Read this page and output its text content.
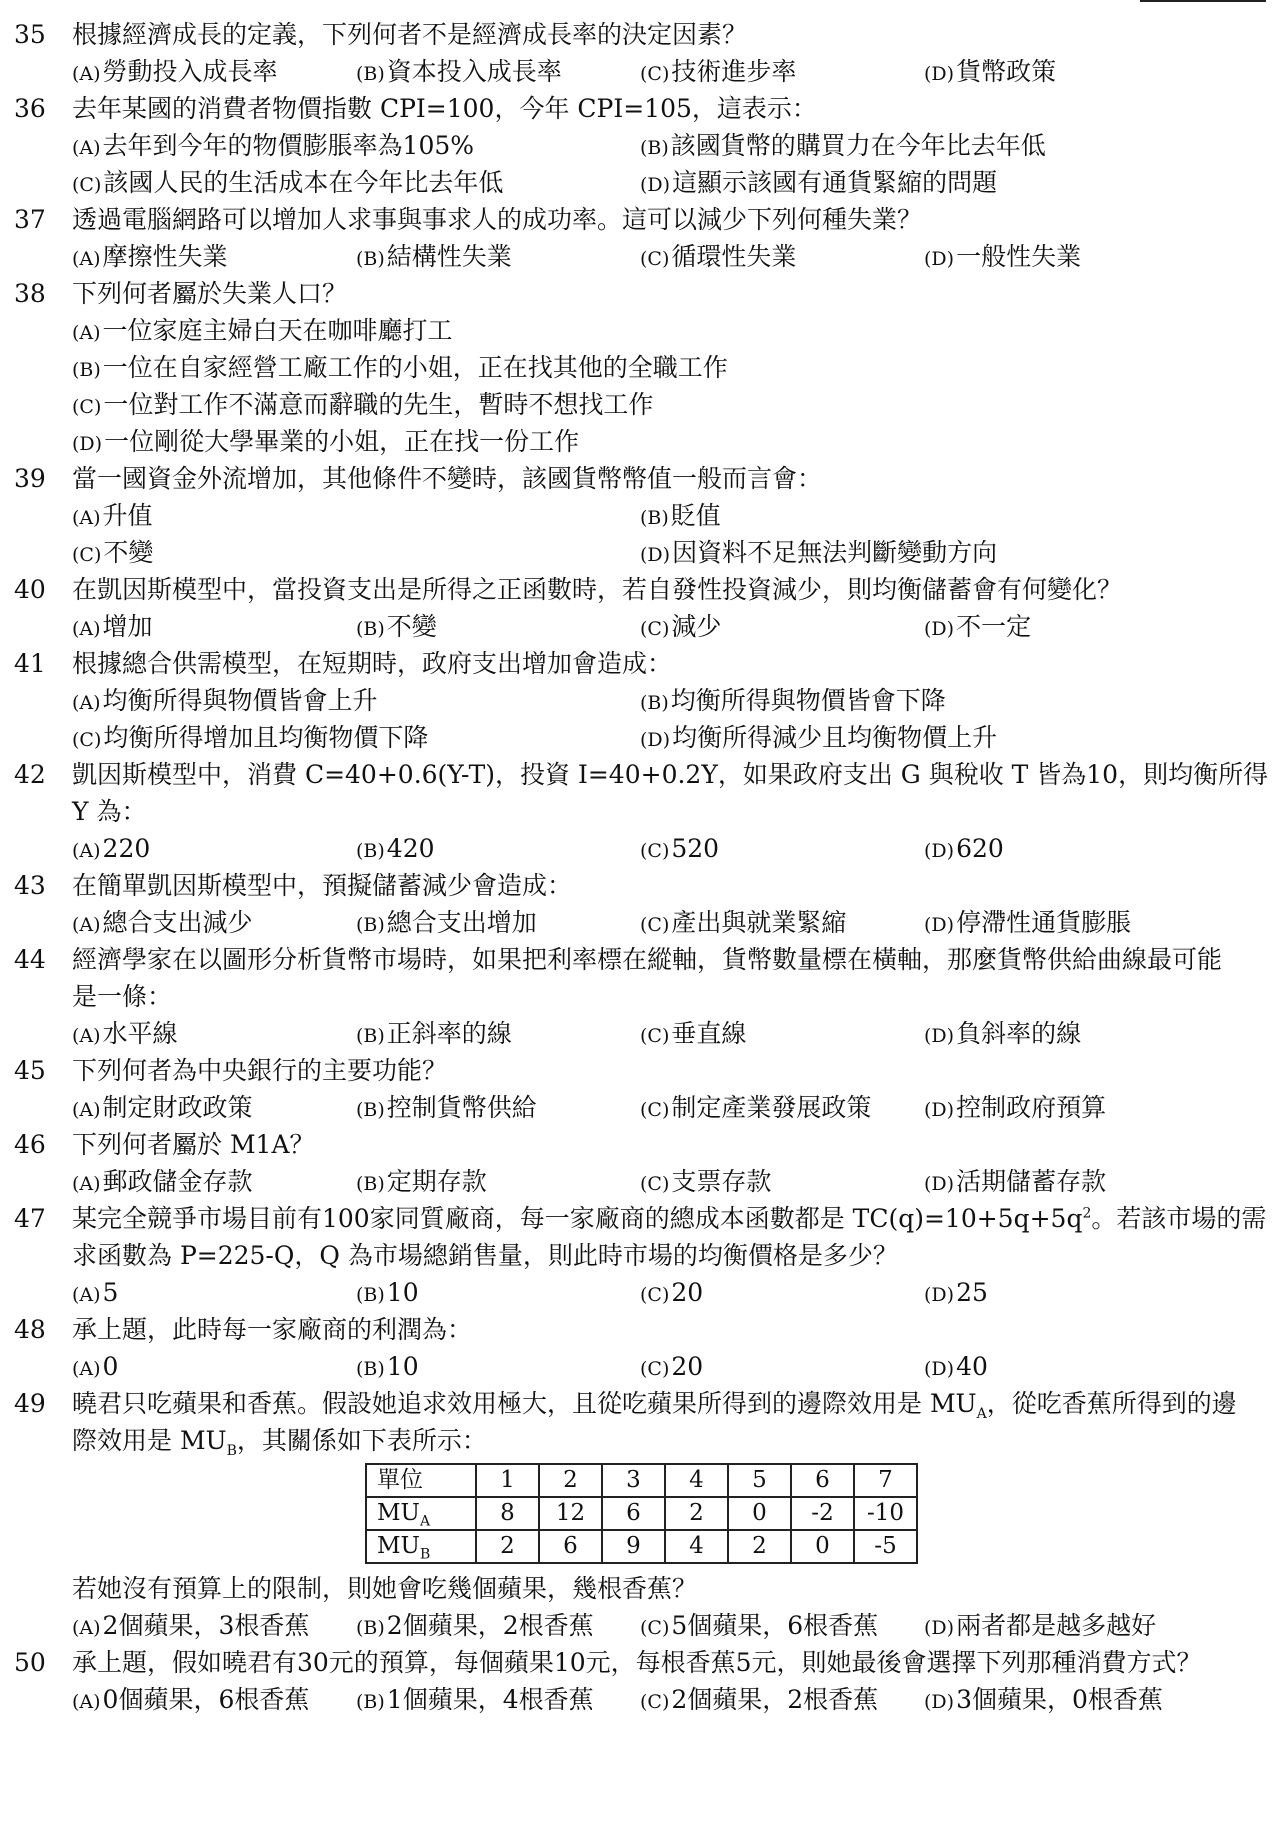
35	根據經濟成長的定義，下列何者不是經濟成長率的決定因素？
(A)勞動投入成長率	(B)資本投入成長率	(C)技術進步率	(D)貨幣政策
36	去年某國的消費者物價指數 CPI=100，今年 CPI=105，這表示：
(A)去年到今年的物價膨脹率為105%	(B)該國貨幣的購買力在今年比去年低
(C)該國人民的生活成本在今年比去年低	(D)這顯示該國有通貨緊縮的問題
37	透過電腦網路可以增加人求事與事求人的成功率。這可以減少下列何種失業？
(A)摩擦性失業	(B)結構性失業	(C)循環性失業	(D)一般性失業
38	下列何者屬於失業人口？
(A)一位家庭主婦白天在咖啡廳打工
(B)一位在自家經營工廠工作的小姐，正在找其他的全職工作
(C)一位對工作不滿意而辭職的先生，暫時不想找工作
(D)一位剛從大學畢業的小姐，正在找一份工作
39	當一國資金外流增加，其他條件不變時，該國貨幣幣值一般而言會：
(A)升值	(B)貶值
(C)不變	(D)因資料不足無法判斷變動方向
40	在凱因斯模型中，當投資支出是所得之正函數時，若自發性投資減少，則均衡儲蓄會有何變化？
(A)增加	(B)不變	(C)減少	(D)不一定
41	根據總合供需模型，在短期時，政府支出增加會造成：
(A)均衡所得與物價皆會上升	(B)均衡所得與物價皆會下降
(C)均衡所得增加且均衡物價下降	(D)均衡所得減少且均衡物價上升
42	凱因斯模型中，消費 C=40+0.6(Y-T)，投資 I=40+0.2Y，如果政府支出 G 與稅收 T 皆為10，則均衡所得
Y 為：
(A)220	(B)420	(C)520	(D)620
43	在簡單凱因斯模型中，預擬儲蓄減少會造成：
(A)總合支出減少	(B)總合支出增加	(C)產出與就業緊縮	(D)停滯性通貨膨脹
44	經濟學家在以圖形分析貨幣市場時，如果把利率標在縱軸，貨幣數量標在橫軸，那麼貨幣供給曲線最可能
是一條：
(A)水平線	(B)正斜率的線	(C)垂直線	(D)負斜率的線
45	下列何者為中央銀行的主要功能？
(A)制定財政政策	(B)控制貨幣供給	(C)制定產業發展政策	(D)控制政府預算
46	下列何者屬於 M1A？
(A)郵政儲金存款	(B)定期存款	(C)支票存款	(D)活期儲蓄存款
47	某完全競爭市場目前有100家同質廠商，每一家廠商的總成本函數都是 $TC(q)=10+5q+5q^2$。若該市場的需
求函數為 P=225-Q，Q 為市場總銷售量，則此時市場的均衡價格是多少？
(A)5	(B)10	(C)20	(D)25
48	承上題，此時每一家廠商的利潤為：
(A)0	(B)10	(C)20	(D)40
49	曉君只吃蘋果和香蕉。假設她追求效用極大，且從吃蘋果所得到的邊際效用是 $MU_A$，從吃香蕉所得到的邊
際效用是 $MU_B$，其關係如下表所示：
單位	1	2	3	4	5	6	7
$MU_A$	8	12	6	2	0	-2	-10
$MU_B$	2	6	9	4	2	0	-5
若她沒有預算上的限制，則她會吃幾個蘋果，幾根香蕉？
(A)2個蘋果，3根香蕉	(B)2個蘋果，2根香蕉	(C)5個蘋果，6根香蕉	(D)兩者都是越多越好
50	承上題，假如曉君有30元的預算，每個蘋果10元，每根香蕉5元，則她最後會選擇下列那種消費方式？
(A)0個蘋果，6根香蕉	(B)1個蘋果，4根香蕉	(C)2個蘋果，2根香蕉	(D)3個蘋果，0根香蕉
